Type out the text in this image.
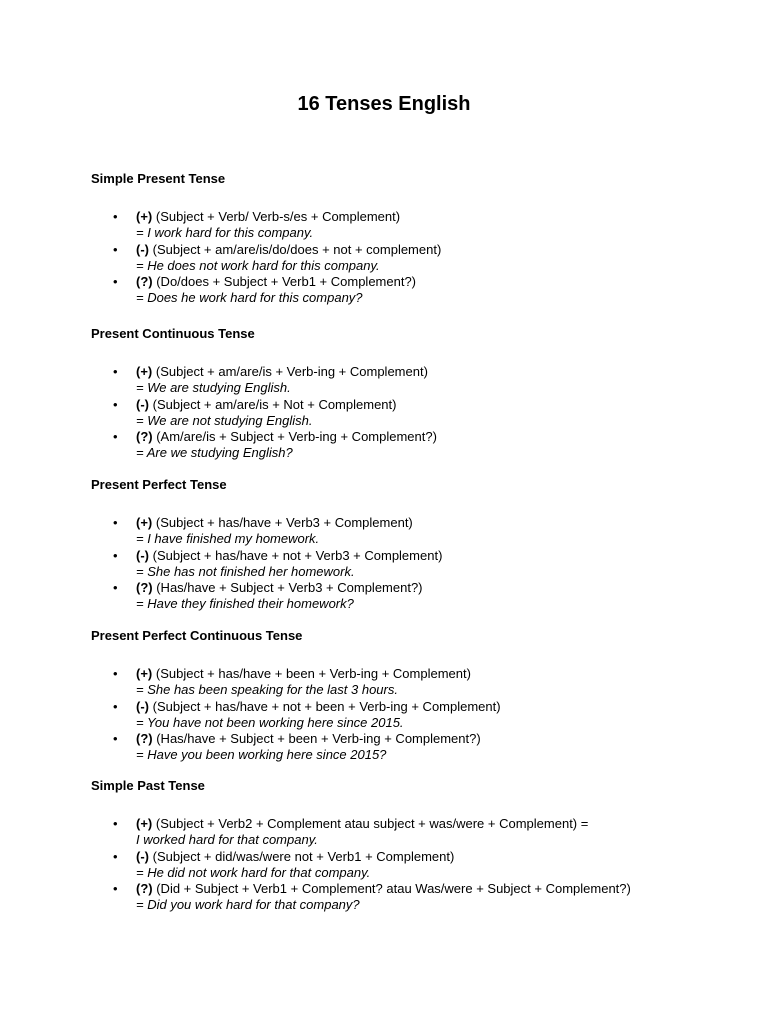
16 Tenses English
Simple Present Tense
• (+) (Subject + Verb/ Verb-s/es + Complement)
= I work hard for this company.
• (-) (Subject + am/are/is/do/does + not + complement)
= He does not work hard for this company.
• (?) (Do/does + Subject + Verb1 + Complement?)
= Does he work hard for this company?
Present Continuous Tense
• (+) (Subject + am/are/is + Verb-ing + Complement)
= We are studying English.
• (-) (Subject + am/are/is + Not + Complement)
= We are not studying English.
• (?) (Am/are/is + Subject + Verb-ing + Complement?)
= Are we studying English?
Present Perfect Tense
• (+) (Subject + has/have + Verb3 + Complement)
= I have finished my homework.
• (-) (Subject + has/have + not + Verb3 + Complement)
= She has not finished her homework.
• (?) (Has/have + Subject + Verb3 + Complement?)
= Have they finished their homework?
Present Perfect Continuous Tense
• (+) (Subject + has/have + been + Verb-ing + Complement)
= She has been speaking for the last 3 hours.
• (-) (Subject + has/have + not + been + Verb-ing + Complement)
= You have not been working here since 2015.
• (?) (Has/have + Subject + been + Verb-ing + Complement?)
= Have you been working here since 2015?
Simple Past Tense
• (+) (Subject + Verb2 + Complement atau subject + was/were + Complement) =
I worked hard for that company.
• (-) (Subject + did/was/were not + Verb1 + Complement)
= He did not work hard for that company.
• (?) (Did + Subject + Verb1 + Complement? atau Was/were + Subject + Complement?)
= Did you work hard for that company?
